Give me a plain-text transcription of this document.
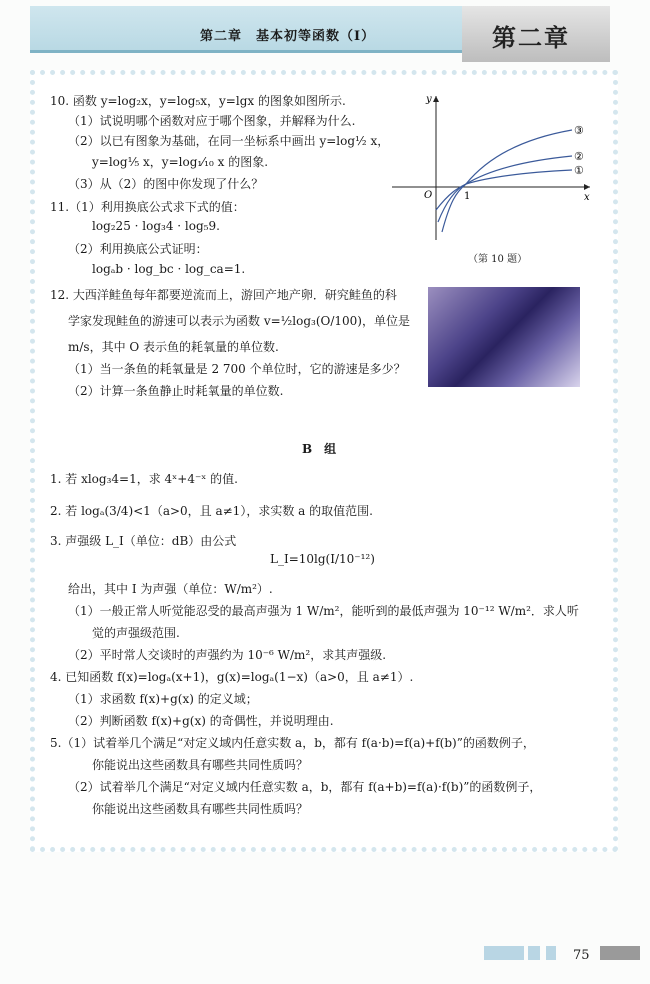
第二章　基本初等函数（I）	第二章
10. 函数 y=log₂x，y=log₅x，y=lgx 的图象如图所示.
（1）试说明哪个函数对应于哪个图象，并解释为什么.
（2）以已有图象为基础，在同一坐标系中画出 y=log½ x，
y=log⅕ x，y=log₁⁄₁₀ x 的图象.
（3）从（2）的图中你发现了什么？
11.（1）利用换底公式求下式的值：
log₂25 · log₃4 · log₅9.
（2）利用换底公式证明：
logₐb · log_bc · log_ca=1.
y
x
O	1
③
②
①
（第 10 题）
12. 大西洋鲑鱼每年都要逆流而上，游回产地产卵．研究鲑鱼的科
学家发现鲑鱼的游速可以表示为函数 v=½log₃(O/100)，单位是
m/s，其中 O 表示鱼的耗氧量的单位数.
（1）当一条鱼的耗氧量是 2 700 个单位时，它的游速是多少？
（2）计算一条鱼静止时耗氧量的单位数.
B　组
1. 若 xlog₃4=1，求 4ˣ+4⁻ˣ 的值.
2. 若 logₐ(3/4)<1（a>0，且 a≠1），求实数 a 的取值范围.
3. 声强级 L_I（单位：dB）由公式
L_I=10lg(I/10⁻¹²)
给出，其中 I 为声强（单位：W/m²）.
（1）一般正常人听觉能忍受的最高声强为 1 W/m²，能听到的最低声强为 10⁻¹² W/m²．求人听
觉的声强级范围.
（2）平时常人交谈时的声强约为 10⁻⁶ W/m²，求其声强级.
4. 已知函数 f(x)=logₐ(x+1)，g(x)=logₐ(1−x)（a>0，且 a≠1）.
（1）求函数 f(x)+g(x) 的定义域；
（2）判断函数 f(x)+g(x) 的奇偶性，并说明理由.
5.（1）试着举几个满足“对定义域内任意实数 a，b，都有 f(a·b)=f(a)+f(b)”的函数例子，
你能说出这些函数具有哪些共同性质吗？
（2）试着举几个满足“对定义域内任意实数 a，b，都有 f(a+b)=f(a)·f(b)”的函数例子，
你能说出这些函数具有哪些共同性质吗？
75
